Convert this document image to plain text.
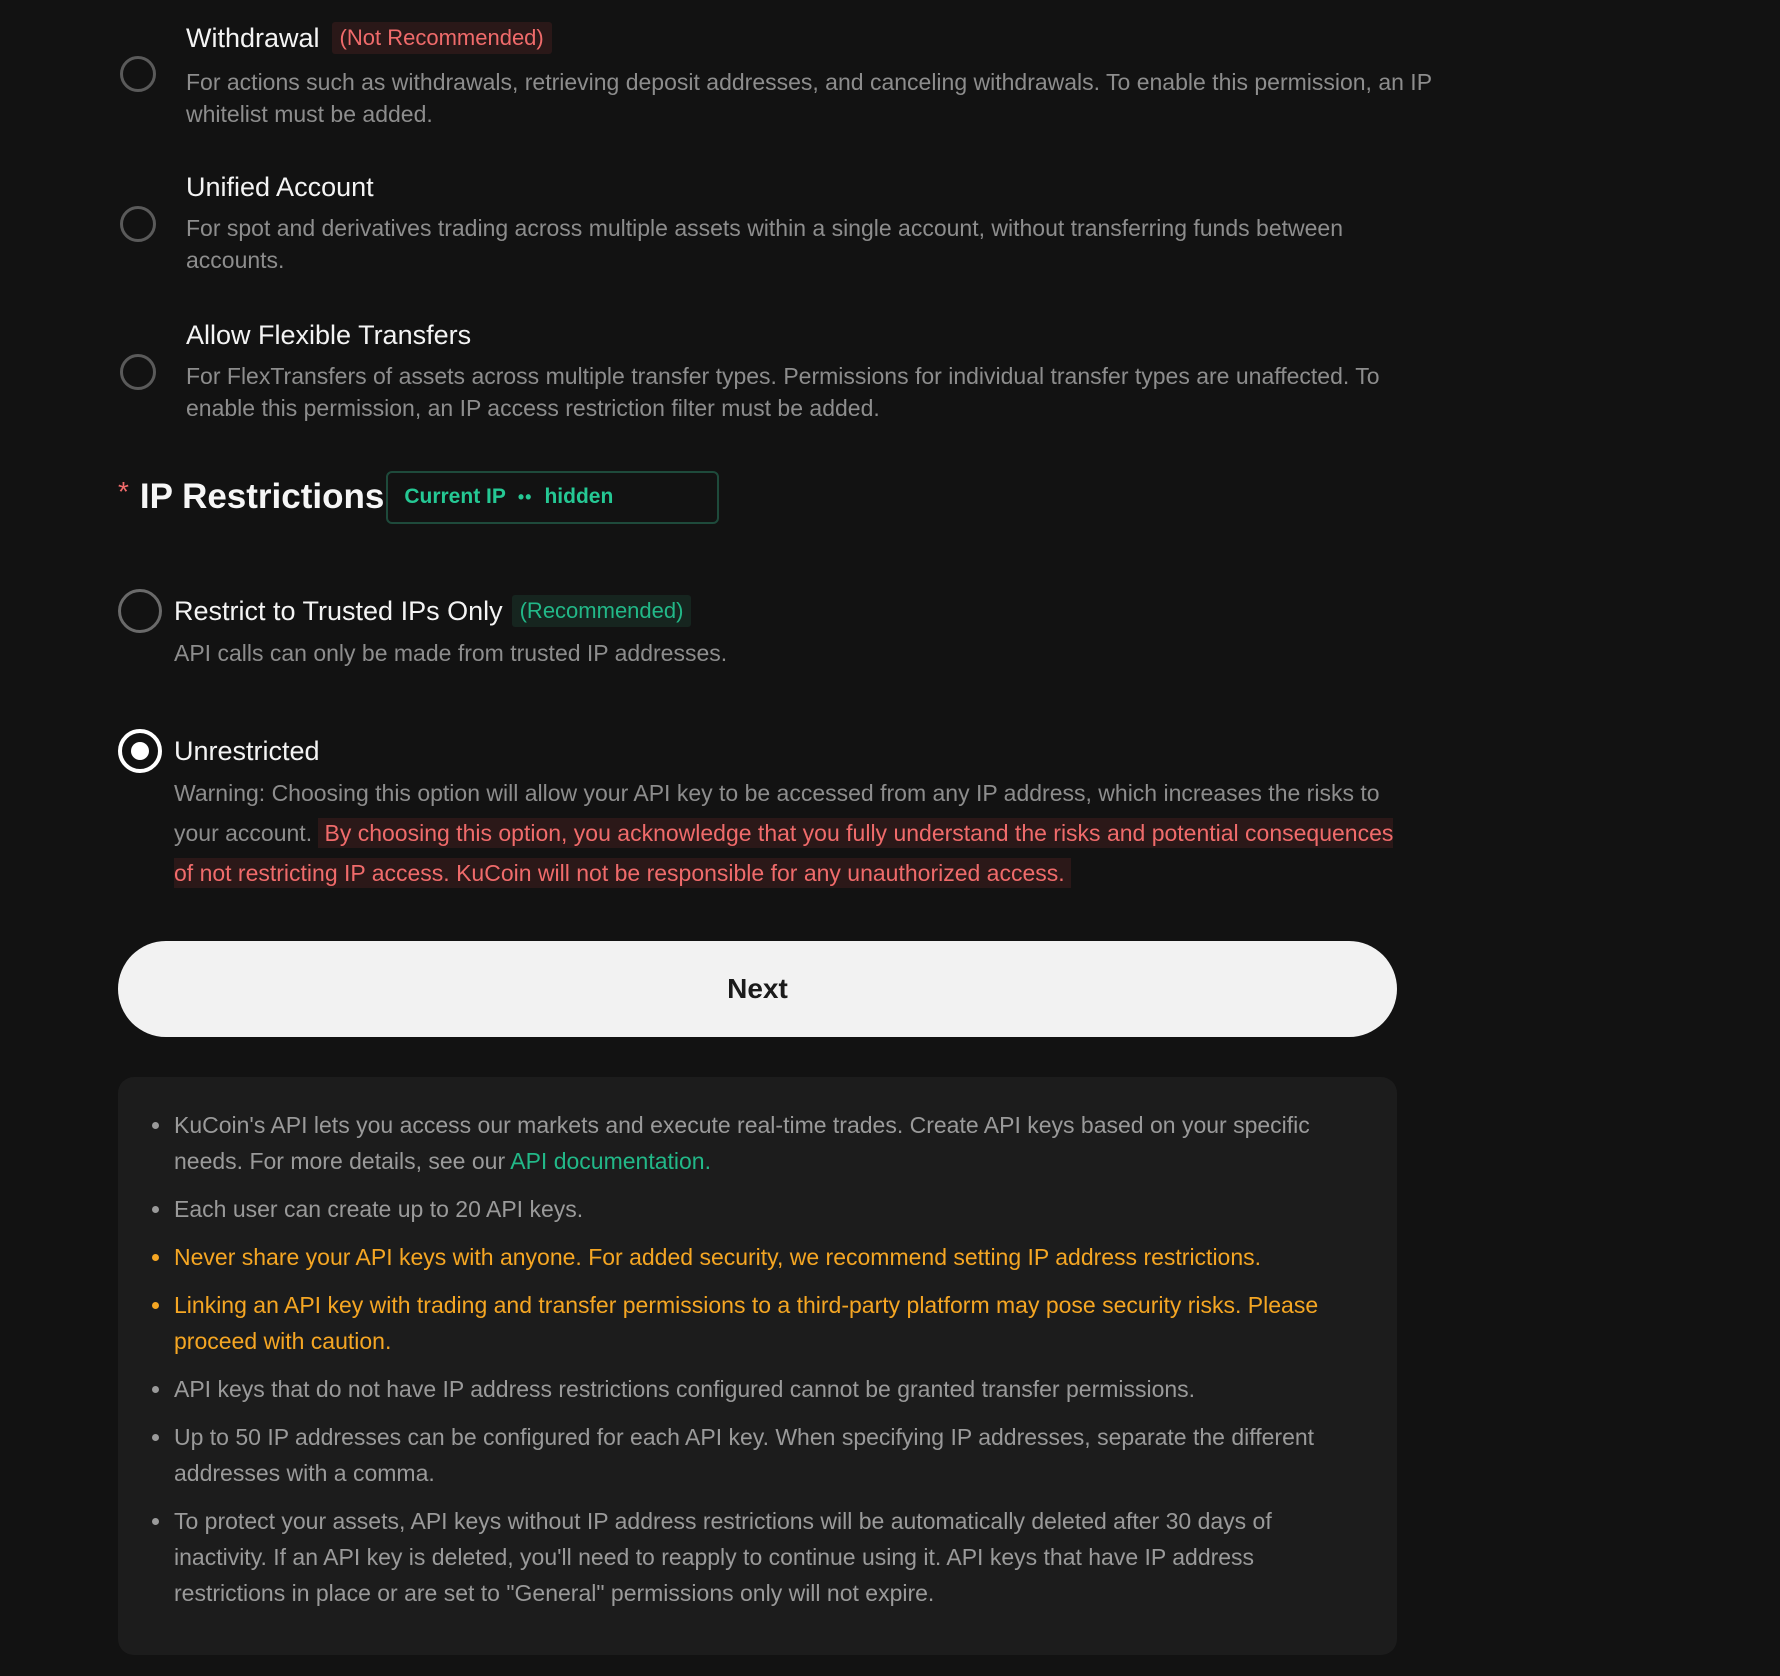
Withdrawal (Not Recommended)
For actions such as withdrawals, retrieving deposit addresses, and canceling withdrawals. To enable this permission, an IP whitelist must be added.
Unified Account
For spot and derivatives trading across multiple assets within a single account, without transferring funds between accounts.
Allow Flexible Transfers
For FlexTransfers of assets across multiple transfer types. Permissions for individual transfer types are unaffected. To enable this permission, an IP access restriction filter must be added.
* IP Restrictions Current IP •• hidden
Restrict to Trusted IPs Only (Recommended)
API calls can only be made from trusted IP addresses.
Unrestricted
Warning: Choosing this option will allow your API key to be accessed from any IP address, which increases the risks to your account. By choosing this option, you acknowledge that you fully understand the risks and potential consequences of not restricting IP access. KuCoin will not be responsible for any unauthorized access.
Next
KuCoin's API lets you access our markets and execute real-time trades. Create API keys based on your specific needs. For more details, see our API documentation.
Each user can create up to 20 API keys.
Never share your API keys with anyone. For added security, we recommend setting IP address restrictions.
Linking an API key with trading and transfer permissions to a third-party platform may pose security risks. Please proceed with caution.
API keys that do not have IP address restrictions configured cannot be granted transfer permissions.
Up to 50 IP addresses can be configured for each API key. When specifying IP addresses, separate the different addresses with a comma.
To protect your assets, API keys without IP address restrictions will be automatically deleted after 30 days of inactivity. If an API key is deleted, you'll need to reapply to continue using it. API keys that have IP address restrictions in place or are set to "General" permissions only will not expire.
